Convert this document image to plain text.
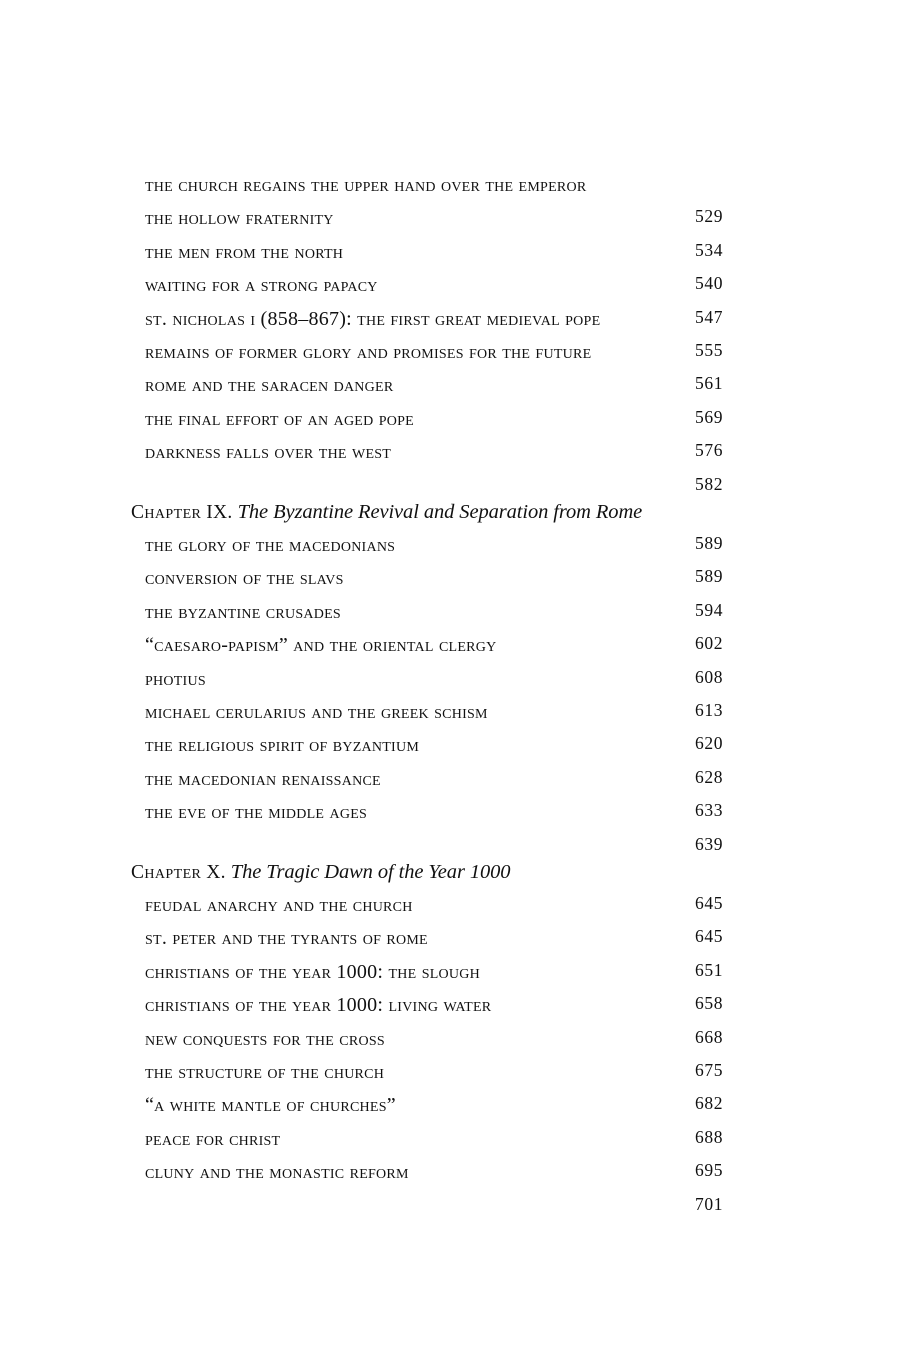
the church regains the upper hand over the emperor
529
the hollow fraternity
534
the men from the north
540
waiting for a strong papacy
547
st. nicholas i (858–867): the first great medieval pope
555
remains of former glory and promises for the future
561
rome and the saracen danger
569
the final effort of an aged pope
576
darkness falls over the west
582
Chapter IX. The Byzantine Revival and Separation from Rome
589
the glory of the macedonians
589
conversion of the slavs
594
the byzantine crusades
602
“caesaro-papism” and the oriental clergy
608
photius
613
michael cerularius and the greek schism
620
the religious spirit of byzantium
628
the macedonian renaissance
633
the eve of the middle ages
639
Chapter X. The Tragic Dawn of the Year 1000
645
feudal anarchy and the church
645
st. peter and the tyrants of rome
651
christians of the year 1000: the slough
658
christians of the year 1000: living water
668
new conquests for the cross
675
the structure of the church
682
“a white mantle of churches”
688
peace for christ
695
cluny and the monastic reform
701
